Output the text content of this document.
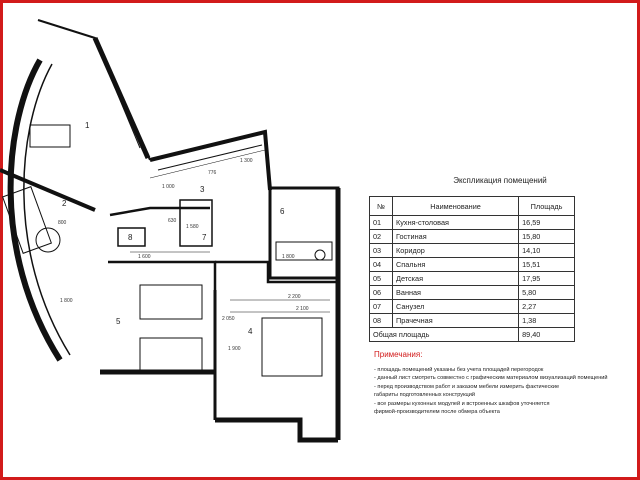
1
2
3
4
5
6
7
8
1 000
1 300
776
1 580
1 600	1 800
2 200
2 100
1 900
1 800
800
2 050
630
Экспликация помещений
№	Наименование	Площадь
01	Кухня-столовая	16,59
02	Гостиная	15,80
03	Коридор	14,10
04	Спальня	15,51
05	Детская	17,95
06	Ванная	5,80
07	Санузел	2,27
08	Прачечная	1,38
Общая площадь		89,40
Примечания:
- площадь помещений указаны без учета площадей перегородок
- данный лист смотреть совместно с графическим материалом визуализаций помещений
- перед производством работ и заказом мебели измерить фактические
габариты подготовленных конструкций
- все размеры кухонных модулей и встроенных шкафов уточняется
фирмой-производителем после обмера объекта
